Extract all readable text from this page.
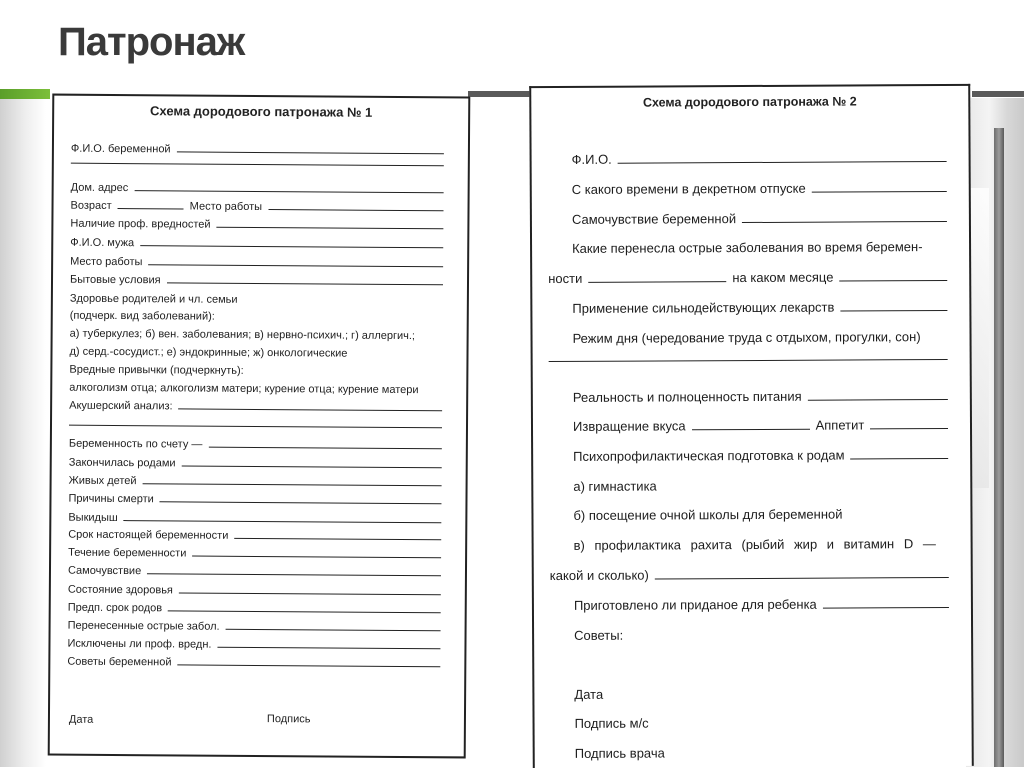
Патронаж
Схема дородового патронажа № 1
Ф.И.О. беременной
Дом. адрес
Возраст	Место работы
Наличие проф. вредностей
Ф.И.О. мужа
Место работы
Бытовые условия
Здоровье родителей и чл. семьи
(подчерк. вид заболеваний):
а) туберкулез; б) вен. заболевания; в) нервно-психич.; г) аллергич.;
д) серд.-сосудист.; е) эндокринные; ж) онкологические
Вредные привычки (подчеркнуть):
алкоголизм отца; алкоголизм матери; курение отца; курение матери
Акушерский анализ:
Беременность по счету —
Закончилась родами
Живых детей
Причины смерти
Выкидыш
Срок настоящей беременности
Течение беременности
Самочувствие
Состояние здоровья
Предп. срок родов
Перенесенные острые забол.
Исключены ли проф. вредн.
Советы беременной
Дата	Подпись
Схема дородового патронажа № 2
Ф.И.О.
С какого времени в декретном отпуске
Самочувствие беременной
Какие перенесла острые заболевания во время беремен-
ности	на каком месяце
Применение сильнодействующих лекарств
Режим дня (чередование труда с отдыхом, прогулки, сон)
Реальность и полноценность питания
Извращение вкуса	Аппетит
Психопрофилактическая подготовка к родам
а) гимнастика
б) посещение очной школы для беременной
в) профилактика рахита (рыбий жир и витамин D —
какой и сколько)
Приготовлено ли приданое для ребенка
Советы:
Дата
Подпись м/с
Подпись врача
